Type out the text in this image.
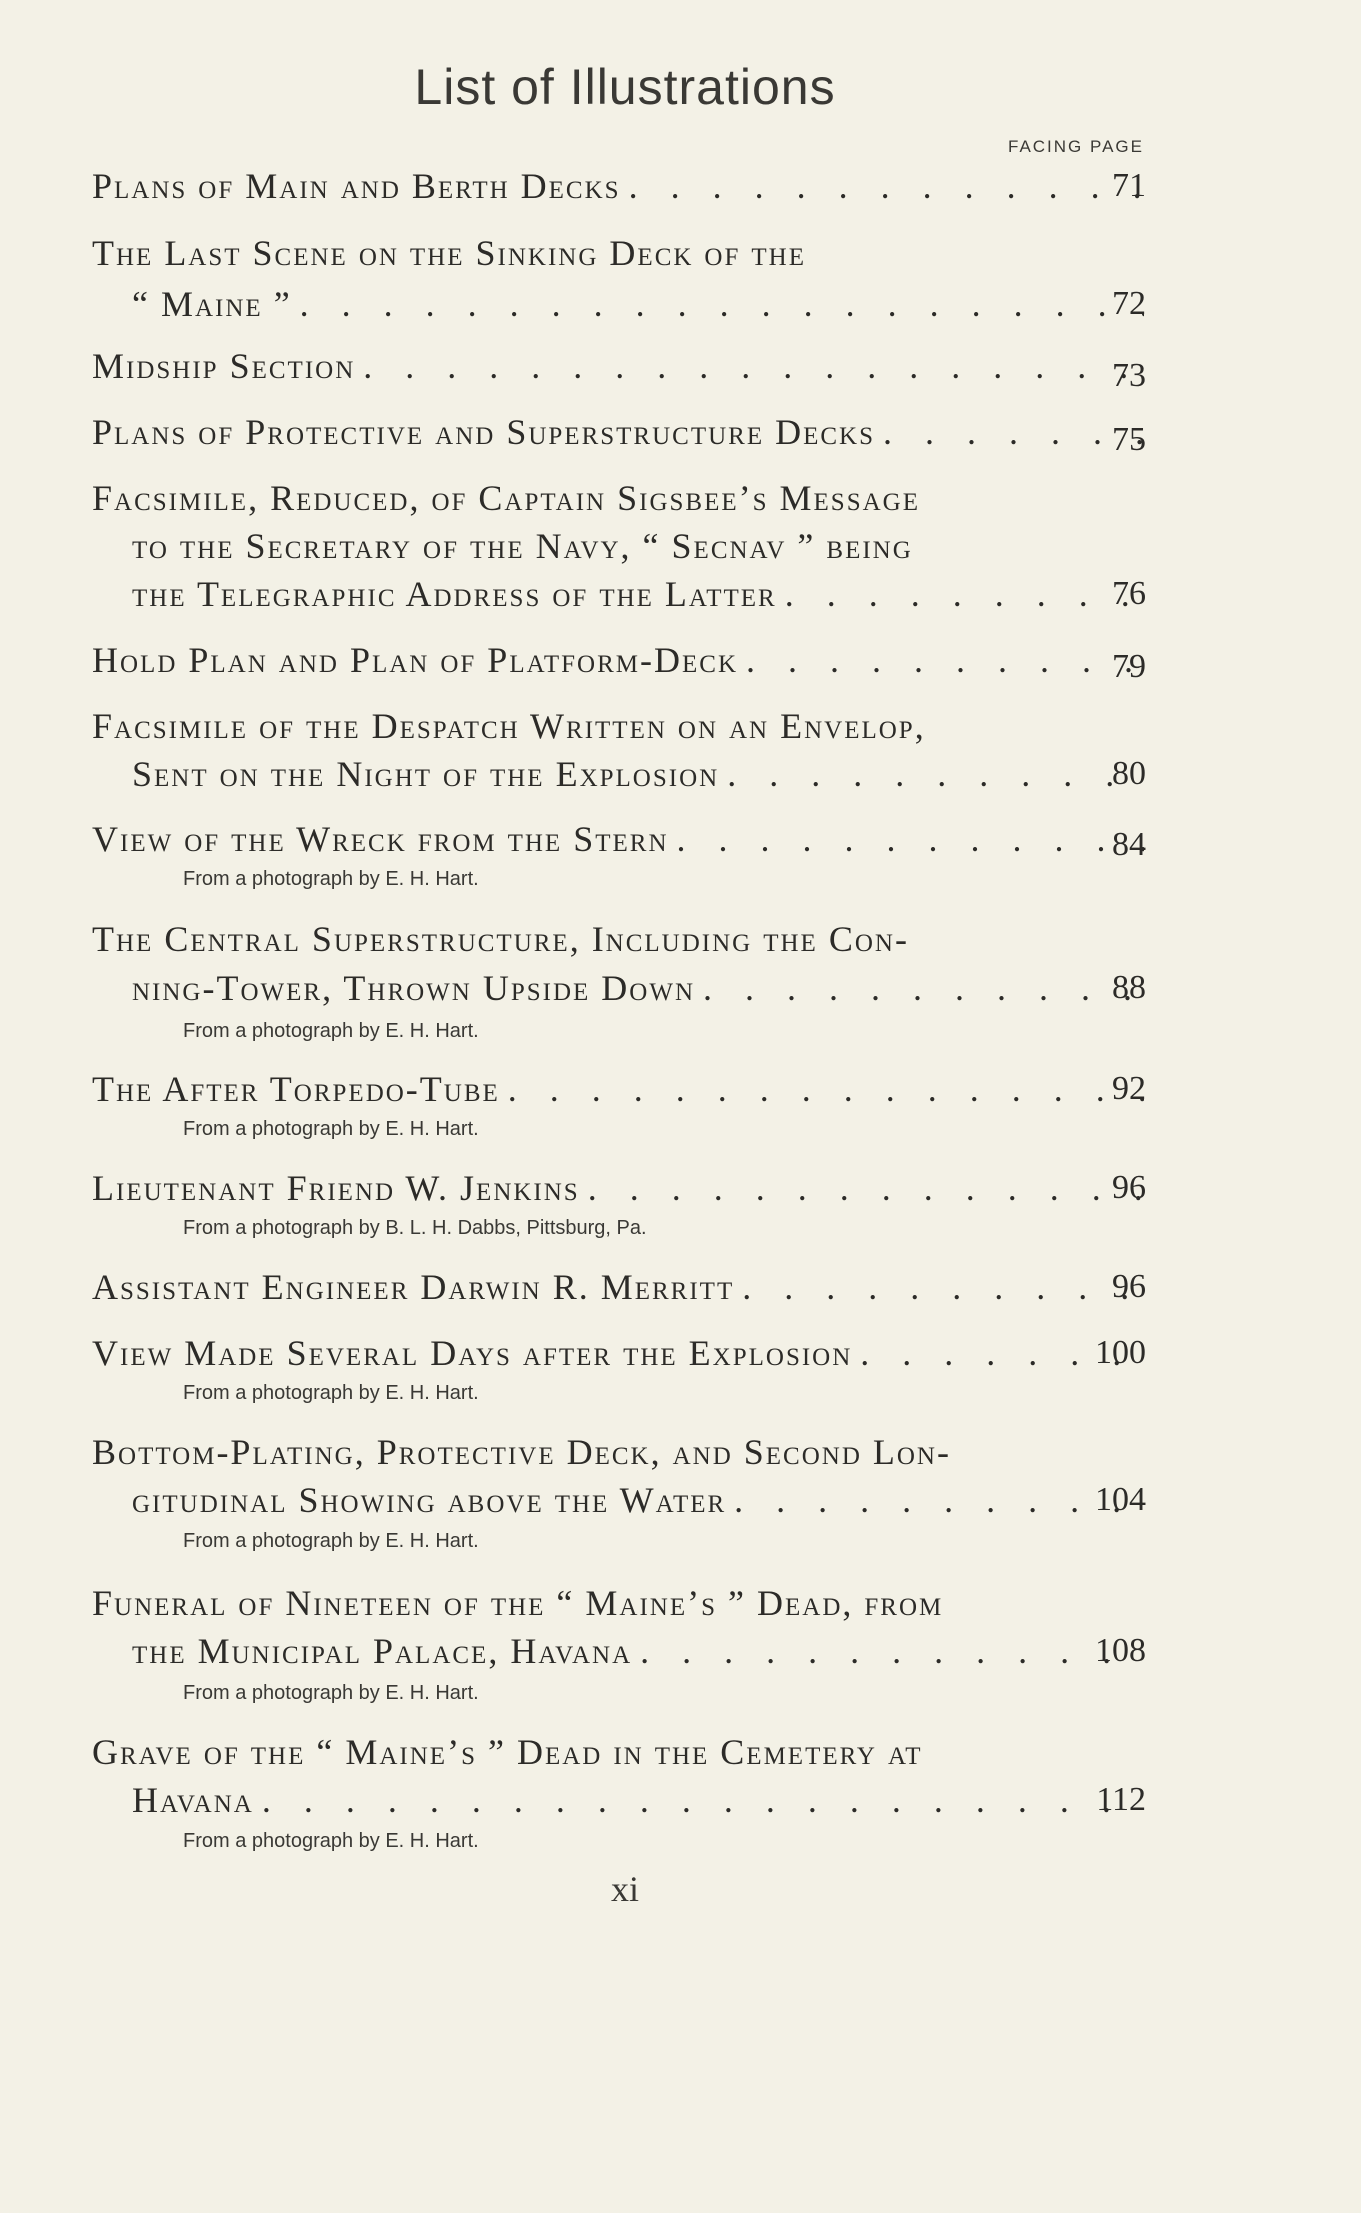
List of Illustrations
FACING PAGE
Plans of Main and Berth Decks . . .	71
The Last Scene on the Sinking Deck of the
“ Maine ” . . .	72
Midship Section . . .	73
Plans of Protective and Superstructure Decks . . .	75
Facsimile, Reduced, of Captain Sigsbee’s Message
to the Secretary of the Navy, “ Secnav ” being
the Telegraphic Address of the Latter . . .	76
Hold Plan and Plan of Platform-Deck . . .	79
Facsimile of the Despatch Written on an Envelop,
Sent on the Night of the Explosion . . .	80
View of the Wreck from the Stern . . .	84
From a photograph by E. H. Hart.
The Central Superstructure, Including the Con-
ning-Tower, Thrown Upside Down . . .	88
From a photograph by E. H. Hart.
The After Torpedo-Tube . . .	92
From a photograph by E. H. Hart.
Lieutenant Friend W. Jenkins . . .	96
From a photograph by B. L. H. Dabbs, Pittsburg, Pa.
Assistant Engineer Darwin R. Merritt . . .	96
View Made Several Days after the Explosion . . .	100
From a photograph by E. H. Hart.
Bottom-Plating, Protective Deck, and Second Lon-
gitudinal Showing above the Water . . .	104
From a photograph by E. H. Hart.
Funeral of Nineteen of the “ Maine’s ” Dead, from
the Municipal Palace, Havana . . .	108
From a photograph by E. H. Hart.
Grave of the “ Maine’s ” Dead in the Cemetery at
Havana . . .	112
From a photograph by E. H. Hart.
xi
